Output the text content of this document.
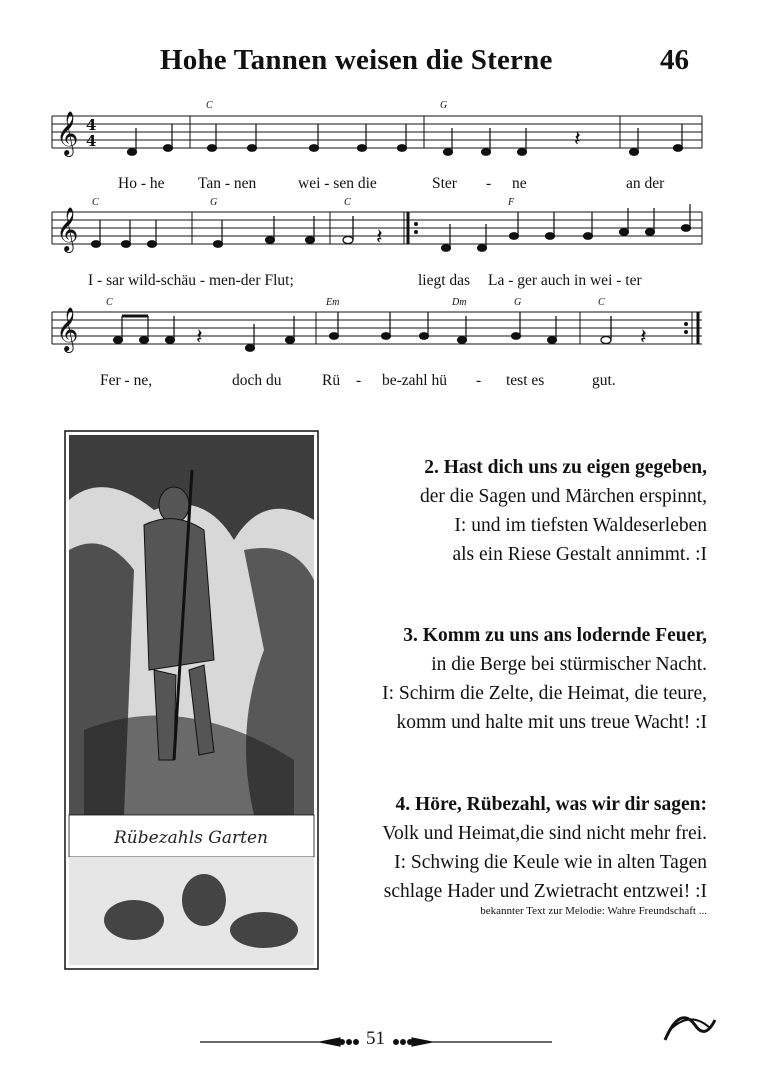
Hohe Tannen weisen die Sterne	46
𝄞 4
4
𝄞
𝄞
𝄽
𝄽
𝄽	𝄽
C	G
C	G	C	F
C	Em	Dm	G	C
Ho - he Tan - nen	wei - sen die	Ster - ne	an der
I - sar wild-schäu - men-der Flut;	liegt das La - ger auch in wei - ter
Fer - ne,	doch du	Rü - be-zahl hü - test es	gut.
Rübezahls Garten
2. Hast dich uns zu eigen gegeben,
der die Sagen und Märchen erspinnt,
I: und im tiefsten Waldeserleben
als ein Riese Gestalt annimmt. :I
3. Komm zu uns ans lodernde Feuer,
in die Berge bei stürmischer Nacht.
I: Schirm die Zelte, die Heimat, die teure,
komm und halte mit uns treue Wacht! :I
4. Höre, Rübezahl, was wir dir sagen:
Volk und Heimat,die sind nicht mehr frei.
I: Schwing die Keule wie in alten Tagen
schlage Hader und Zwietracht entzwei! :I
bekannter Text zur Melodie: Wahre Freundschaft ...
51
